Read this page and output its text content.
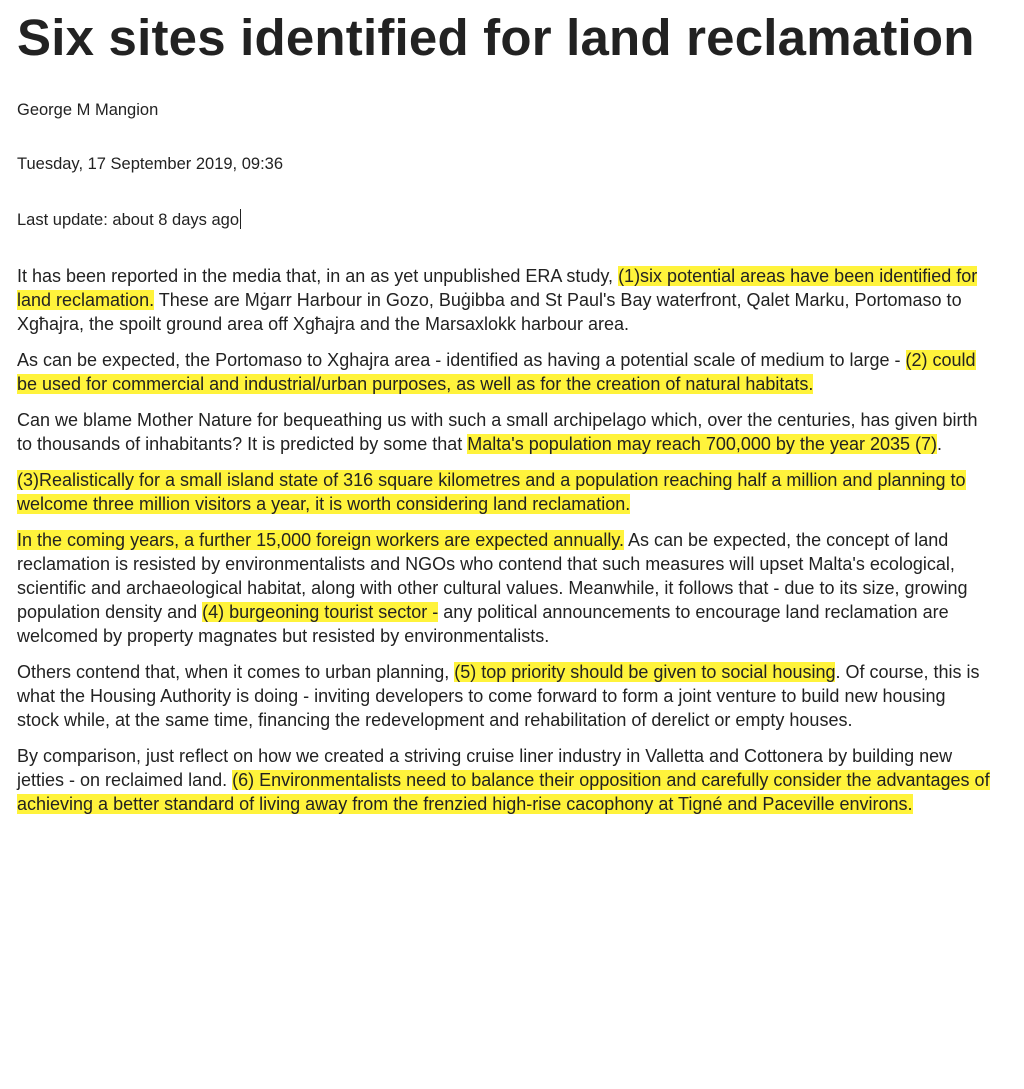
Six sites identified for land reclamation

George M Mangion

Tuesday, 17 September 2019, 09:36

Last update: about 8 days ago

It has been reported in the media that, in an as yet unpublished ERA study, (1)six potential areas have been identified for land reclamation. These are Mġarr Harbour in Gozo, Buġibba and St Paul's Bay waterfront, Qalet Marku, Portomaso to Xgħajra, the spoilt ground area off Xgħajra and the Marsaxlokk harbour area.

As can be expected, the Portomaso to Xghajra area - identified as having a potential scale of medium to large - (2) could be used for commercial and industrial/urban purposes, as well as for the creation of natural habitats.

Can we blame Mother Nature for bequeathing us with such a small archipelago which, over the centuries, has given birth to thousands of inhabitants? It is predicted by some that Malta's population may reach 700,000 by the year 2035 (7).

(3)Realistically for a small island state of 316 square kilometres and a population reaching half a million and planning to welcome three million visitors a year, it is worth considering land reclamation.

In the coming years, a further 15,000 foreign workers are expected annually. As can be expected, the concept of land reclamation is resisted by environmentalists and NGOs who contend that such measures will upset Malta's ecological, scientific and archaeological habitat, along with other cultural values. Meanwhile, it follows that - due to its size, growing population density and (4) burgeoning tourist sector - any political announcements to encourage land reclamation are welcomed by property magnates but resisted by environmentalists.

Others contend that, when it comes to urban planning, (5) top priority should be given to social housing. Of course, this is what the Housing Authority is doing - inviting developers to come forward to form a joint venture to build new housing stock while, at the same time, financing the redevelopment and rehabilitation of derelict or empty houses.

By comparison, just reflect on how we created a striving cruise liner industry in Valletta and Cottonera by building new jetties - on reclaimed land. (6) Environmentalists need to balance their opposition and carefully consider the advantages of achieving a better standard of living away from the frenzied high-rise cacophony at Tigné and Paceville environs.
